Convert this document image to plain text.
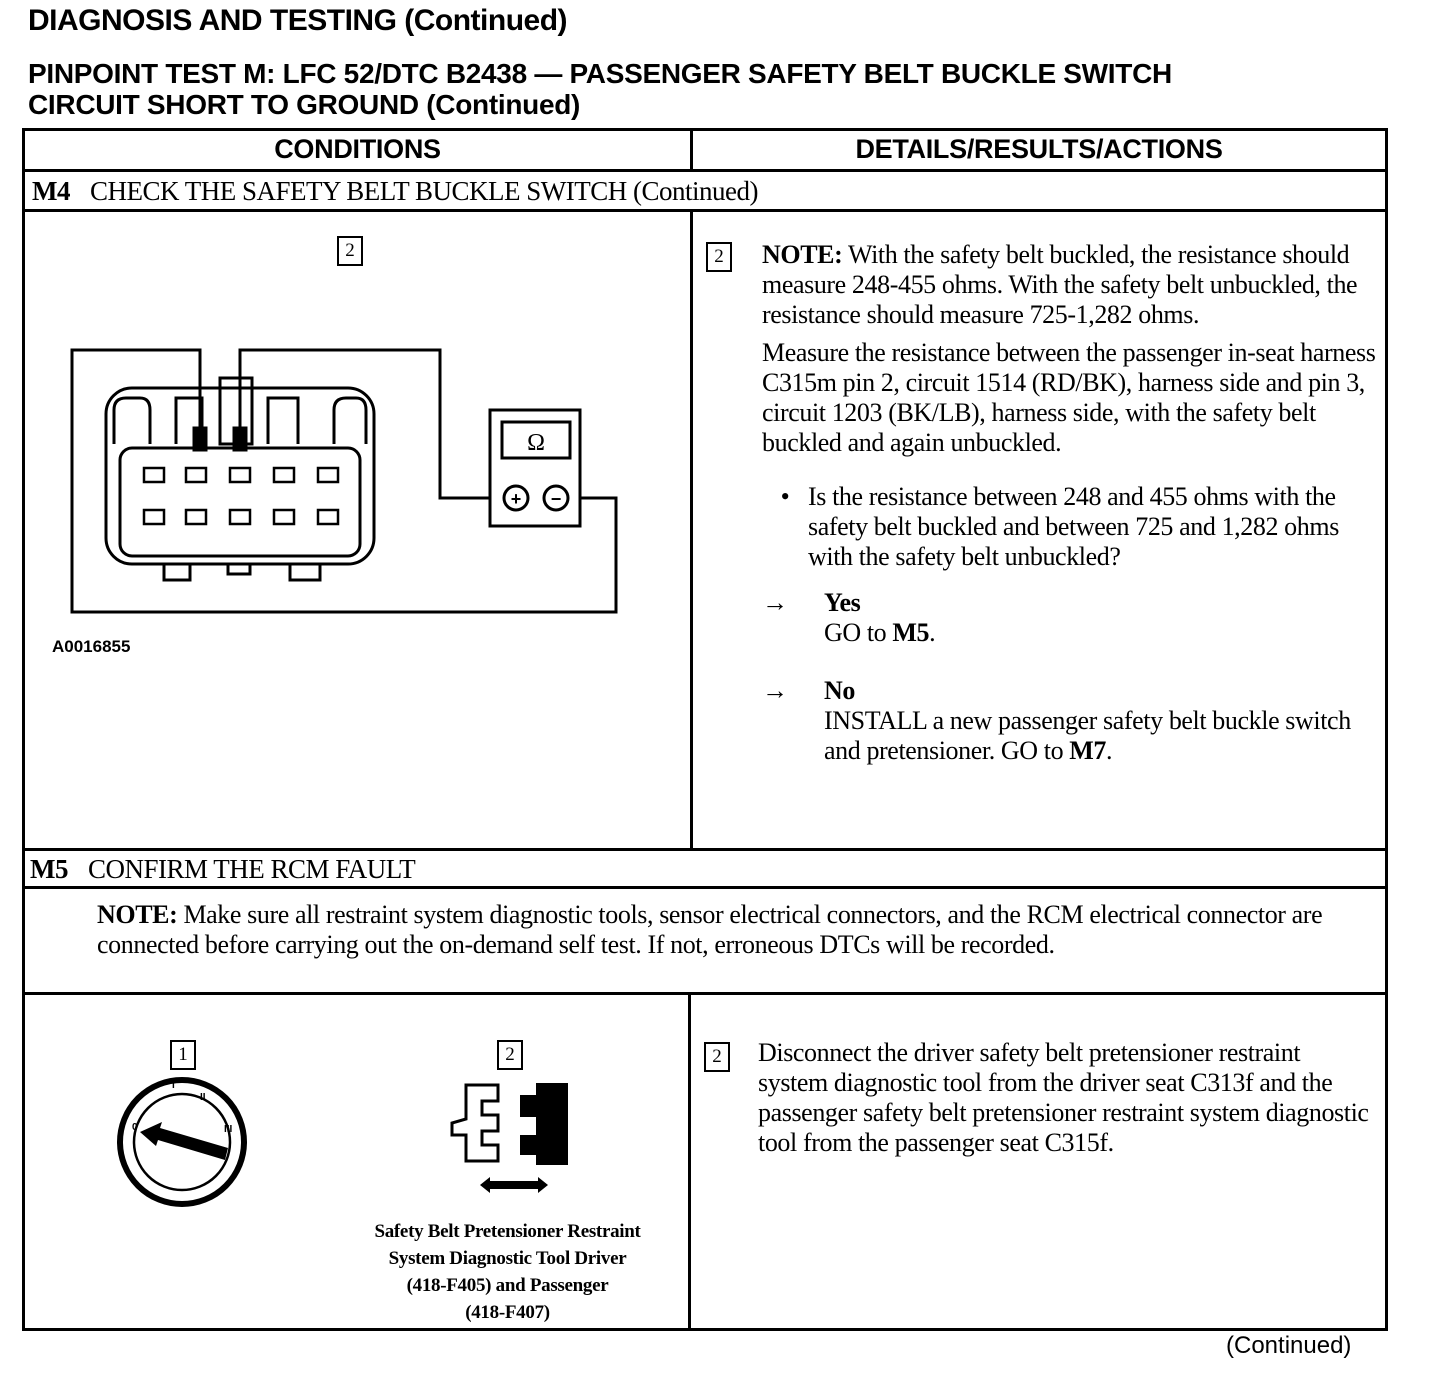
DIAGNOSIS AND TESTING (Continued)
PINPOINT TEST M: LFC 52/DTC B2438 — PASSENGER SAFETY BELT BUCKLE SWITCH
CIRCUIT SHORT TO GROUND (Continued)
CONDITIONS	DETAILS/RESULTS/ACTIONS
M4 CHECK THE SAFETY BELT BUCKLE SWITCH (Continued)
2
Ω
+ −
A0016855
2	NOTE: With the safety belt buckled, the resistance should measure 248-455 ohms. With the safety belt unbuckled, the resistance should measure 725-1,282 ohms.

Measure the resistance between the passenger in-seat harness C315m pin 2, circuit 1514 (RD/BK), harness side and pin 3, circuit 1203 (BK/LB), harness side, with the safety belt buckled and again unbuckled.

• Is the resistance between 248 and 455 ohms with the safety belt buckled and between 725 and 1,282 ohms with the safety belt unbuckled?
→	Yes
GO to M5.
→	No
INSTALL a new passenger safety belt buckle switch and pretensioner. GO to M7.
M5 CONFIRM THE RCM FAULT
NOTE: Make sure all restraint system diagnostic tools, sensor electrical connectors, and the RCM electrical connector are connected before carrying out the on-demand self test. If not, erroneous DTCs will be recorded.
1
0
I
II
III
2
Safety Belt Pretensioner Restraint
System Diagnostic Tool Driver
(418-F405) and Passenger
(418-F407)
2	Disconnect the driver safety belt pretensioner restraint system diagnostic tool from the driver seat C313f and the passenger safety belt pretensioner restraint system diagnostic tool from the passenger seat C315f.
(Continued)
